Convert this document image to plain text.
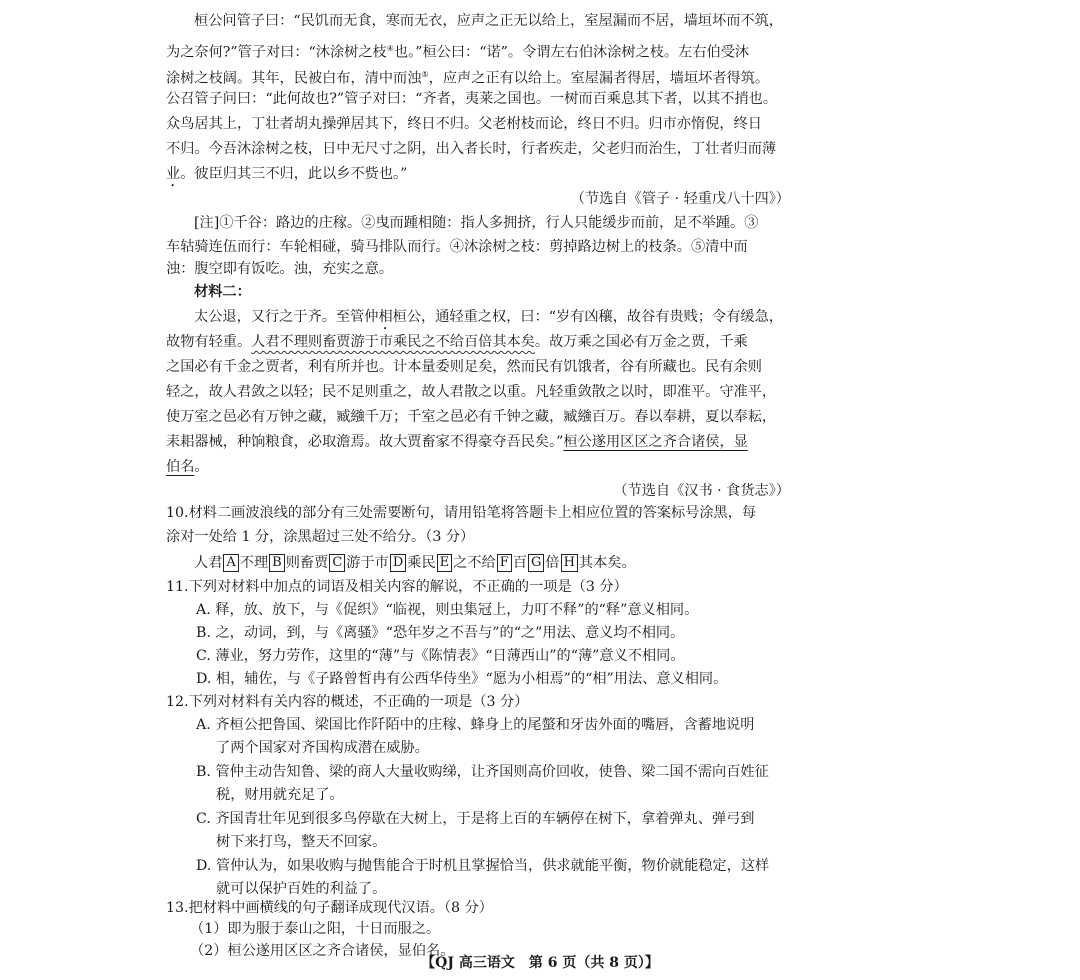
桓公问管子曰：“民饥而无食，寒而无衣，应声之正无以给上，室屋漏而不居，墙垣坏而不筑，
为之奈何?”管子对曰：“沐涂树之枝④也。”桓公曰：“诺”。令谓左右伯沐涂树之枝。左右伯受沐
涂树之枝阔。其年，民被白布，清中而浊⑤，应声之正有以给上。室屋漏者得居，墙垣坏者得筑。
公召管子问曰：“此何故也?”管子对曰：“齐者，夷莱之国也。一树而百乘息其下者，以其不捎也。
众鸟居其上，丁壮者胡丸操弹居其下，终日不归。父老柎枝而论，终日不归。归市亦惰倪，终日
不归。今吾沐涂树之枝，日中无尺寸之阴，出入者长时，行者疾走，父老归而治生，丁壮者归而薄
业。彼臣归其三不归，此以乡不赀也。”
（节选自《管子 · 轻重戊八十四》）
[注]①千谷：路边的庄稼。②曳而踵相随：指人多拥挤，行人只能缓步而前，足不举踵。③
车轱骑连伍而行：车轮相碰，骑马排队而行。④沐涂树之枝：剪掉路边树上的枝条。⑤清中而
浊：腹空即有饭吃。浊，充实之意。
材料二：
太公退，又行之于齐。至管仲相桓公，通轻重之权，曰：“岁有凶穰，故谷有贵贱；令有缓急，
故物有轻重。人君不理则畜贾游于市乘民之不给百倍其本矣。故万乘之国必有万金之贾，千乘
之国必有千金之贾者，利有所并也。计本量委则足矣，然而民有饥饿者，谷有所藏也。民有余则
轻之，故人君敛之以轻；民不足则重之，故人君散之以重。凡轻重敛散之以时，即准平。守准平，
使万室之邑必有万钟之藏，臧繈千万；千室之邑必有千钟之藏，臧繈百万。春以奉耕，夏以奉耘，
耒耜器械，种饷粮食，必取澹焉。故大贾畜家不得豪夺吾民矣。”桓公遂用区区之齐合诸侯，显
伯名。
（节选自《汉书 · 食货志》）
10.材料二画波浪线的部分有三处需要断句，请用铅笔将答题卡上相应位置的答案标号涂黑，每
涂对一处给 1 分，涂黑超过三处不给分。（3 分）
人君 A 不理 B 则畜贾 C 游于市 D 乘民 E 之不给 F 百 G 倍 H 其本矣。
11.下列对材料中加点的词语及相关内容的解说，不正确的一项是（3 分）
A. 释，放、放下，与《促织》“临视，则虫集冠上，力叮不释”的“释”意义相同。
B. 之，动词，到，与《离骚》“恐年岁之不吾与”的“之”用法、意义均不相同。
C. 薄业，努力劳作，这里的“薄”与《陈情表》“日薄西山”的“薄”意义不相同。
D. 相，辅佐，与《子路曾皙冉有公西华侍坐》“愿为小相焉”的“相”用法、意义相同。
12.下列对材料有关内容的概述，不正确的一项是（3 分）
A. 齐桓公把鲁国、梁国比作阡陌中的庄稼、蜂身上的尾螫和牙齿外面的嘴唇，含蓄地说明
了两个国家对齐国构成潜在威胁。
B. 管仲主动告知鲁、梁的商人大量收购绨，让齐国则高价回收，使鲁、梁二国不需向百姓征
税，财用就充足了。
C. 齐国青壮年见到很多鸟停歇在大树上，于是将上百的车辆停在树下，拿着弹丸、弹弓到
树下来打鸟，整天不回家。
D. 管仲认为，如果收购与抛售能合于时机且掌握恰当，供求就能平衡，物价就能稳定，这样
就可以保护百姓的利益了。
13.把材料中画横线的句子翻译成现代汉语。（8 分）
（1）即为服于泰山之阳，十日而服之。
（2）桓公遂用区区之齐合诸侯，显伯名。
【QJ 高三语文　第 6 页（共 8 页）】
